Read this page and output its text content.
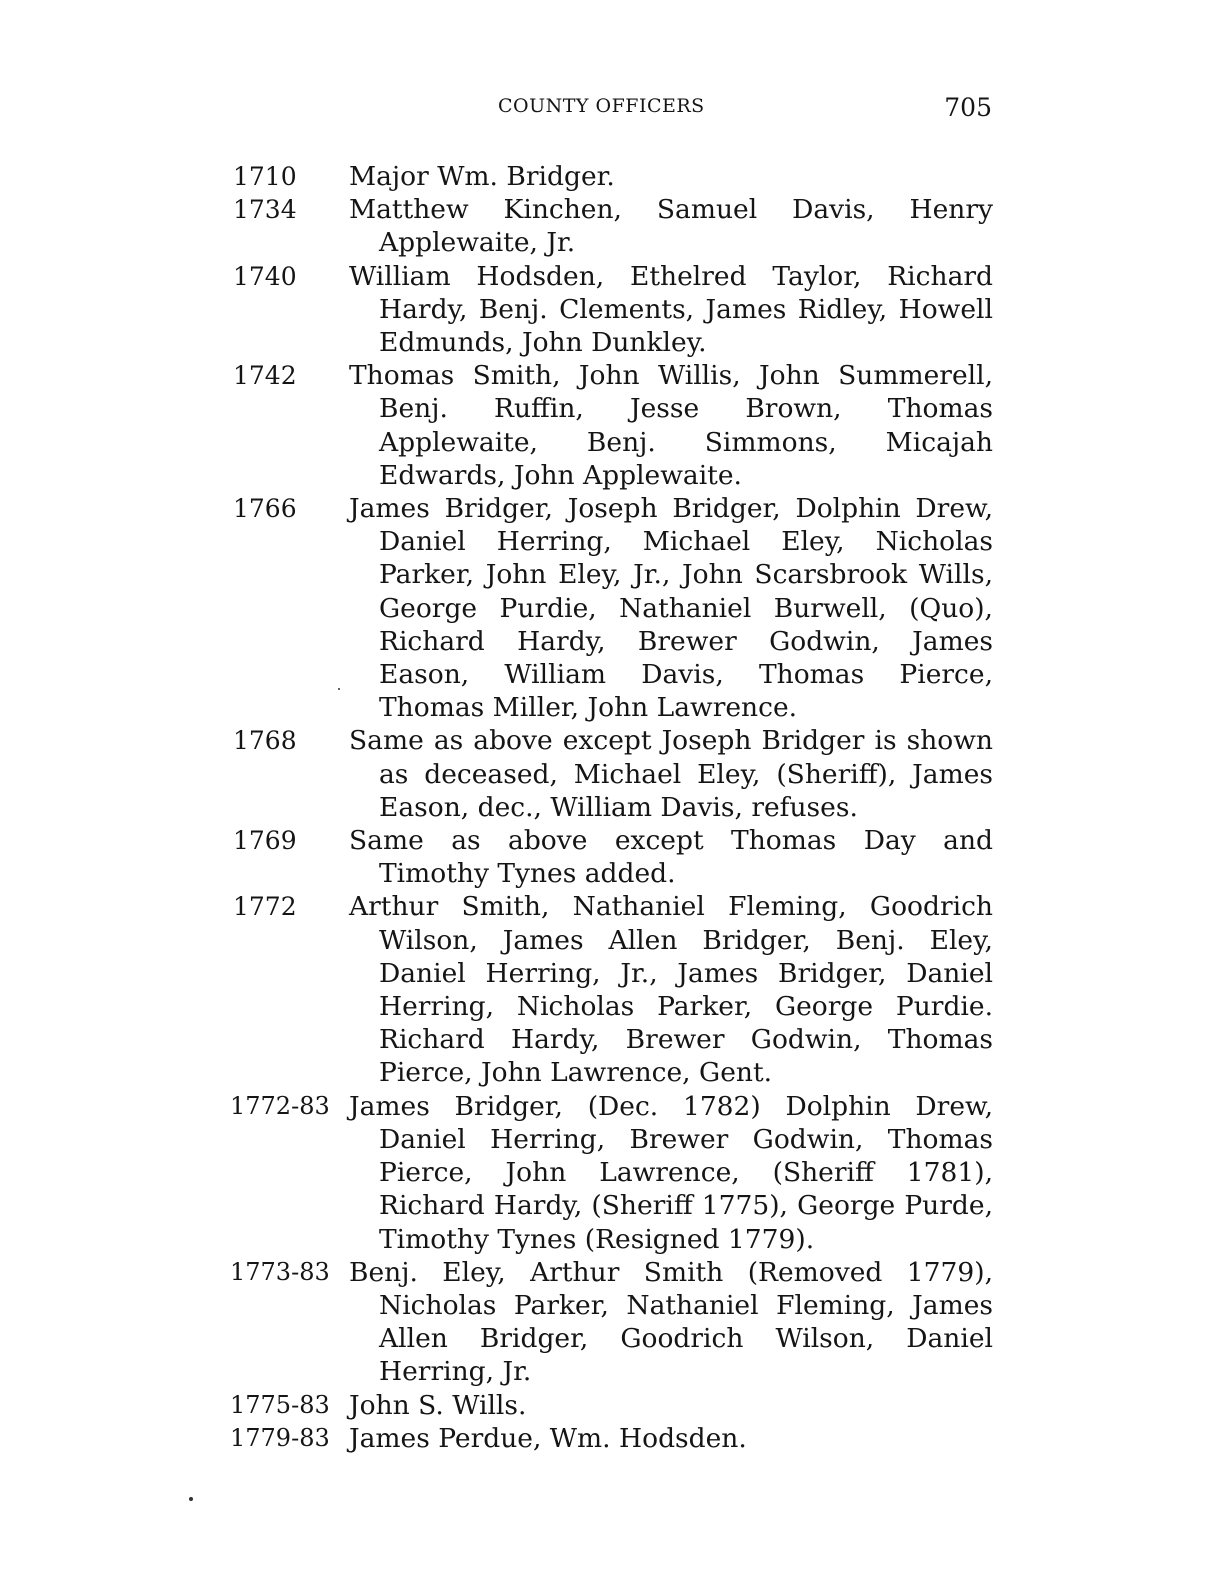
COUNTY OFFICERS	705
1710	Major Wm. Bridger.
1734	Matthew Kinchen, Samuel Davis, Henry Applewaite, Jr.
1740	William Hodsden, Ethelred Taylor, Richard Hardy, Benj. Clements, James Ridley, Howell Edmunds, John Dunkley.
1742	Thomas Smith, John Willis, John Summerell, Benj. Ruffin, Jesse Brown, Thomas Applewaite, Benj. Simmons, Micajah Edwards, John Applewaite.
1766	James Bridger, Joseph Bridger, Dolphin Drew, Daniel Herring, Michael Eley, Nicholas Parker, John Eley, Jr., John Scarsbrook Wills, George Purdie, Nathaniel Burwell, (Quo), Richard Hardy, Brewer Godwin, James Eason, William Davis, Thomas Pierce, Thomas Miller, John Lawrence.
1768	Same as above except Joseph Bridger is shown as deceased, Michael Eley, (Sheriff), James Eason, dec., William Davis, refuses.
1769	Same as above except Thomas Day and Timothy Tynes added.
1772	Arthur Smith, Nathaniel Fleming, Goodrich Wilson, James Allen Bridger, Benj. Eley, Daniel Herring, Jr., James Bridger, Daniel Herring, Nicholas Parker, George Purdie. Richard Hardy, Brewer Godwin, Thomas Pierce, John Lawrence, Gent.
1772-83 James Bridger, (Dec. 1782) Dolphin Drew, Daniel Herring, Brewer Godwin, Thomas Pierce, John Lawrence, (Sheriff 1781), Richard Hardy, (Sheriff 1775), George Purde, Timothy Tynes (Resigned 1779).
1773-83 Benj. Eley, Arthur Smith (Removed 1779), Nicholas Parker, Nathaniel Fleming, James Allen Bridger, Goodrich Wilson, Daniel Herring, Jr.
1775-83 John S. Wills.
1779-83 James Perdue, Wm. Hodsden.
